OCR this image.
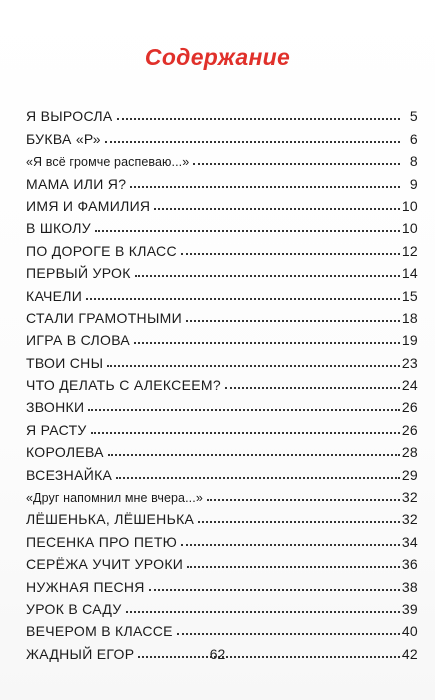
Содержание
Я ВЫРОСЛА	5
БУКВА «Р»	6
«Я всё громче распеваю...»	8
МАМА ИЛИ Я?	9
ИМЯ И ФАМИЛИЯ	10
В ШКОЛУ	10
ПО ДОРОГЕ В КЛАСС	12
ПЕРВЫЙ УРОК	14
КАЧЕЛИ	15
СТАЛИ ГРАМОТНЫМИ	18
ИГРА В СЛОВА	19
ТВОИ СНЫ	23
ЧТО ДЕЛАТЬ С АЛЕКСЕЕМ?	24
ЗВОНКИ	26
Я РАСТУ	26
КОРОЛЕВА	28
ВСЕЗНАЙКА	29
«Друг напомнил мне вчера...»	32
ЛЁШЕНЬКА, ЛЁШЕНЬКА	32
ПЕСЕНКА ПРО ПЕТЮ	34
СЕРЁЖА УЧИТ УРОКИ	36
НУЖНАЯ ПЕСНЯ	38
УРОК В САДУ	39
ВЕЧЕРОМ В КЛАССЕ	40
ЖАДНЫЙ ЕГОР	42
62
